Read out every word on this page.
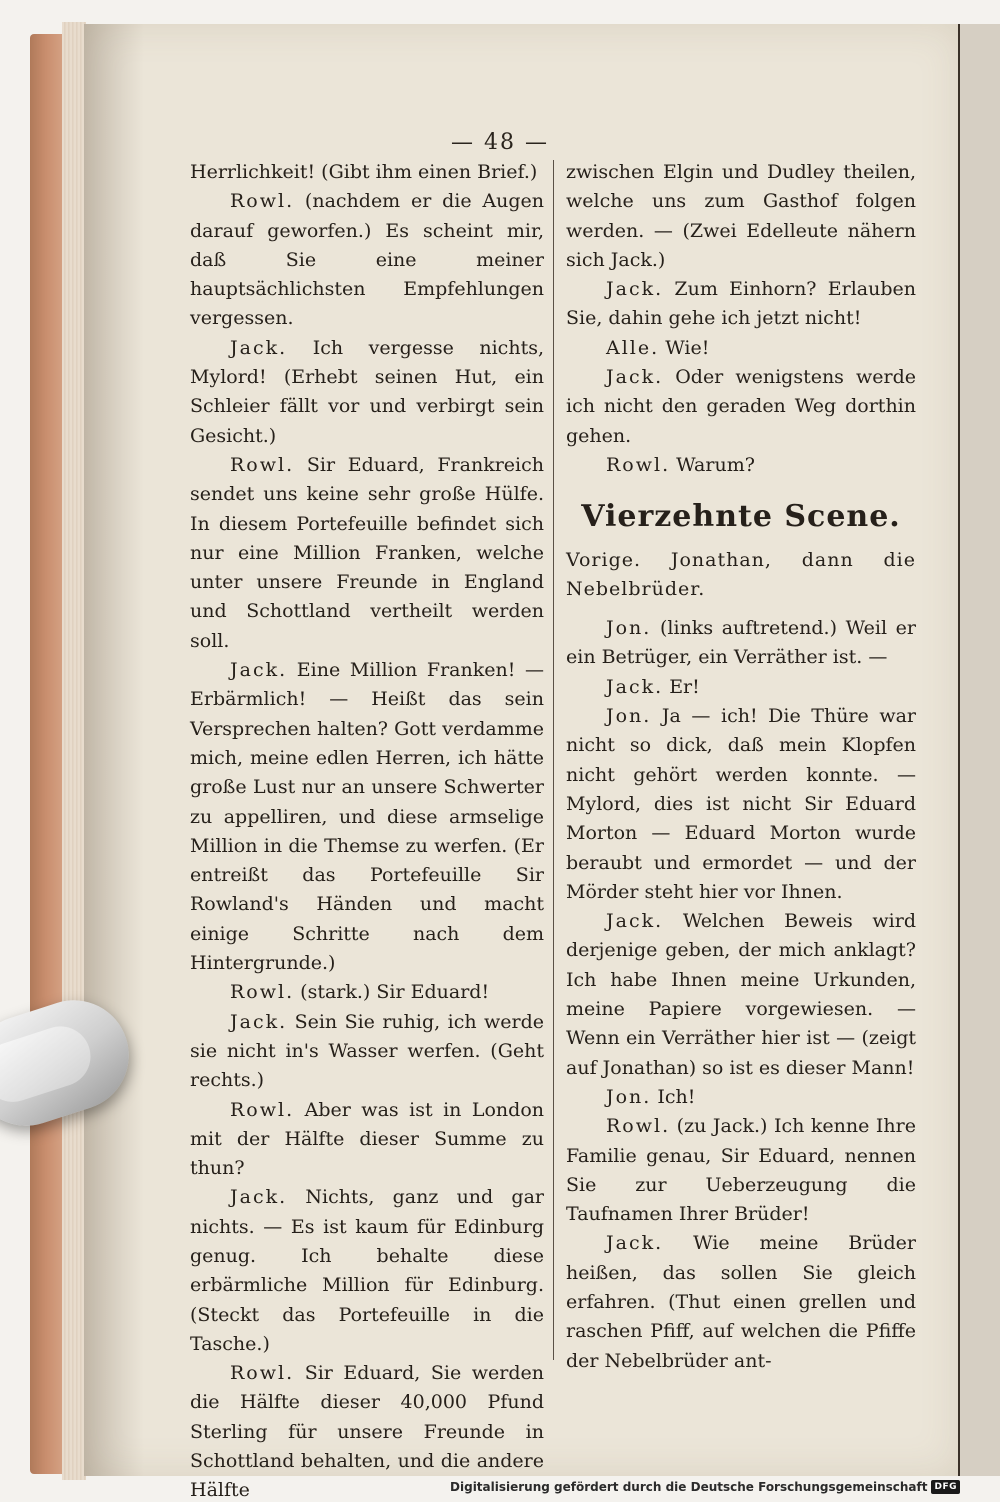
— 48 —

Herrlichkeit! (Gibt ihm einen Brief.)

Rowl. (nachdem er die Augen darauf geworfen.) Es scheint mir, daß Sie eine meiner hauptsächlichsten Empfehlungen vergessen.

Jack. Ich vergesse nichts, Mylord! (Erhebt seinen Hut, ein Schleier fällt vor und verbirgt sein Gesicht.)

Rowl. Sir Eduard, Frankreich sendet uns keine sehr große Hülfe. In diesem Portefeuille befindet sich nur eine Million Franken, welche unter unsere Freunde in England und Schottland vertheilt werden soll.

Jack. Eine Million Franken! — Erbärmlich! — Heißt das sein Versprechen halten? Gott verdamme mich, meine edlen Herren, ich hätte große Lust nur an unsere Schwerter zu appelliren, und diese armselige Million in die Themse zu werfen. (Er entreißt das Portefeuille Sir Rowland's Händen und macht einige Schritte nach dem Hintergrunde.)

Rowl. (stark.) Sir Eduard!

Jack. Sein Sie ruhig, ich werde sie nicht in's Wasser werfen. (Geht rechts.)

Rowl. Aber was ist in London mit der Hälfte dieser Summe zu thun?

Jack. Nichts, ganz und gar nichts. — Es ist kaum für Edinburg genug. Ich behalte diese erbärmliche Million für Edinburg. (Steckt das Portefeuille in die Tasche.)

Rowl. Sir Eduard, Sie werden die Hälfte dieser 40,000 Pfund Sterling für unsere Freunde in Schottland behalten, und die andere Hälfte

zwischen Elgin und Dudley theilen, welche uns zum Gasthof folgen werden. — (Zwei Edelleute nähern sich Jack.)

Jack. Zum Einhorn? Erlauben Sie, dahin gehe ich jetzt nicht!

Alle. Wie!

Jack. Oder wenigstens werde ich nicht den geraden Weg dorthin gehen.

Rowl. Warum?

Vierzehnte Scene.

Vorige. Jonathan, dann die Nebelbrüder.

Jon. (links auftretend.) Weil er ein Betrüger, ein Verräther ist. —

Jack. Er!

Jon. Ja — ich! Die Thüre war nicht so dick, daß mein Klopfen nicht gehört werden konnte. — Mylord, dies ist nicht Sir Eduard Morton — Eduard Morton wurde beraubt und ermordet — und der Mörder steht hier vor Ihnen.

Jack. Welchen Beweis wird derjenige geben, der mich anklagt? Ich habe Ihnen meine Urkunden, meine Papiere vorgewiesen. — Wenn ein Verräther hier ist — (zeigt auf Jonathan) so ist es dieser Mann!

Jon. Ich!

Rowl. (zu Jack.) Ich kenne Ihre Familie genau, Sir Eduard, nennen Sie zur Ueberzeugung die Taufnamen Ihrer Brüder!

Jack. Wie meine Brüder heißen, das sollen Sie gleich erfahren. (Thut einen grellen und raschen Pfiff, auf welchen die Pfiffe der Nebelbrüder ant-

Digitalisierung gefördert durch die Deutsche Forschungsgemeinschaft DFG
